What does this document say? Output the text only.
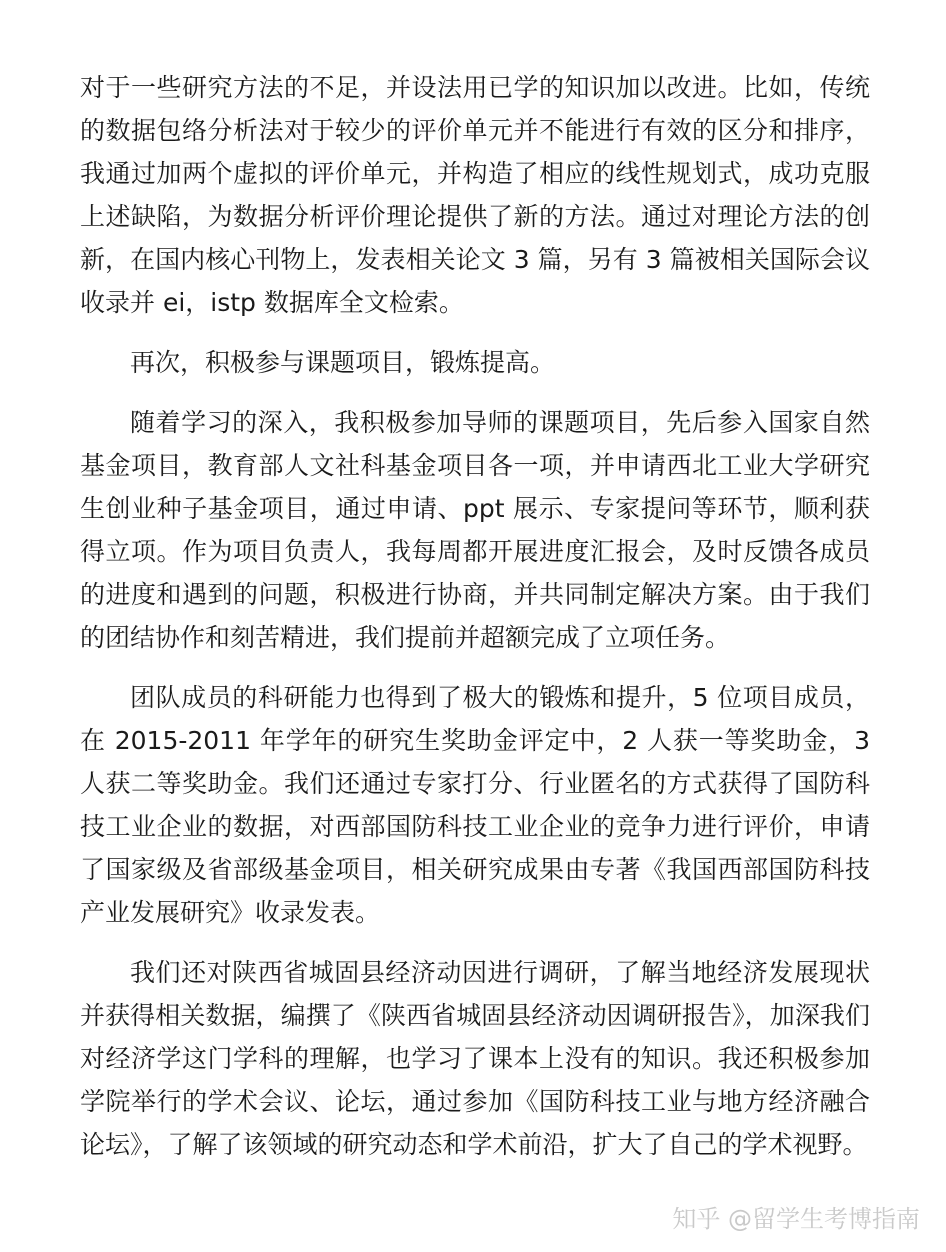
对于一些研究方法的不足，并设法用已学的知识加以改进。比如，传统的数据包络分析法对于较少的评价单元并不能进行有效的区分和排序，我通过加两个虚拟的评价单元，并构造了相应的线性规划式，成功克服上述缺陷，为数据分析评价理论提供了新的方法。通过对理论方法的创新，在国内核心刊物上，发表相关论文 3 篇，另有 3 篇被相关国际会议收录并 ei，istp 数据库全文检索。

再次，积极参与课题项目，锻炼提高。

随着学习的深入，我积极参加导师的课题项目，先后参入国家自然基金项目，教育部人文社科基金项目各一项，并申请西北工业大学研究生创业种子基金项目，通过申请、ppt 展示、专家提问等环节，顺利获得立项。作为项目负责人，我每周都开展进度汇报会，及时反馈各成员的进度和遇到的问题，积极进行协商，并共同制定解决方案。由于我们的团结协作和刻苦精进，我们提前并超额完成了立项任务。

团队成员的科研能力也得到了极大的锻炼和提升，5 位项目成员，在 2015-2011 年学年的研究生奖助金评定中，2 人获一等奖助金，3 人获二等奖助金。我们还通过专家打分、行业匿名的方式获得了国防科技工业企业的数据，对西部国防科技工业企业的竞争力进行评价，申请了国家级及省部级基金项目，相关研究成果由专著《我国西部国防科技产业发展研究》收录发表。

我们还对陕西省城固县经济动因进行调研，了解当地经济发展现状并获得相关数据，编撰了《陕西省城固县经济动因调研报告》，加深我们对经济学这门学科的理解，也学习了课本上没有的知识。我还积极参加学院举行的学术会议、论坛，通过参加《国防科技工业与地方经济融合论坛》，了解了该领域的研究动态和学术前沿，扩大了自己的学术视野。

知乎 @留学生考博指南
